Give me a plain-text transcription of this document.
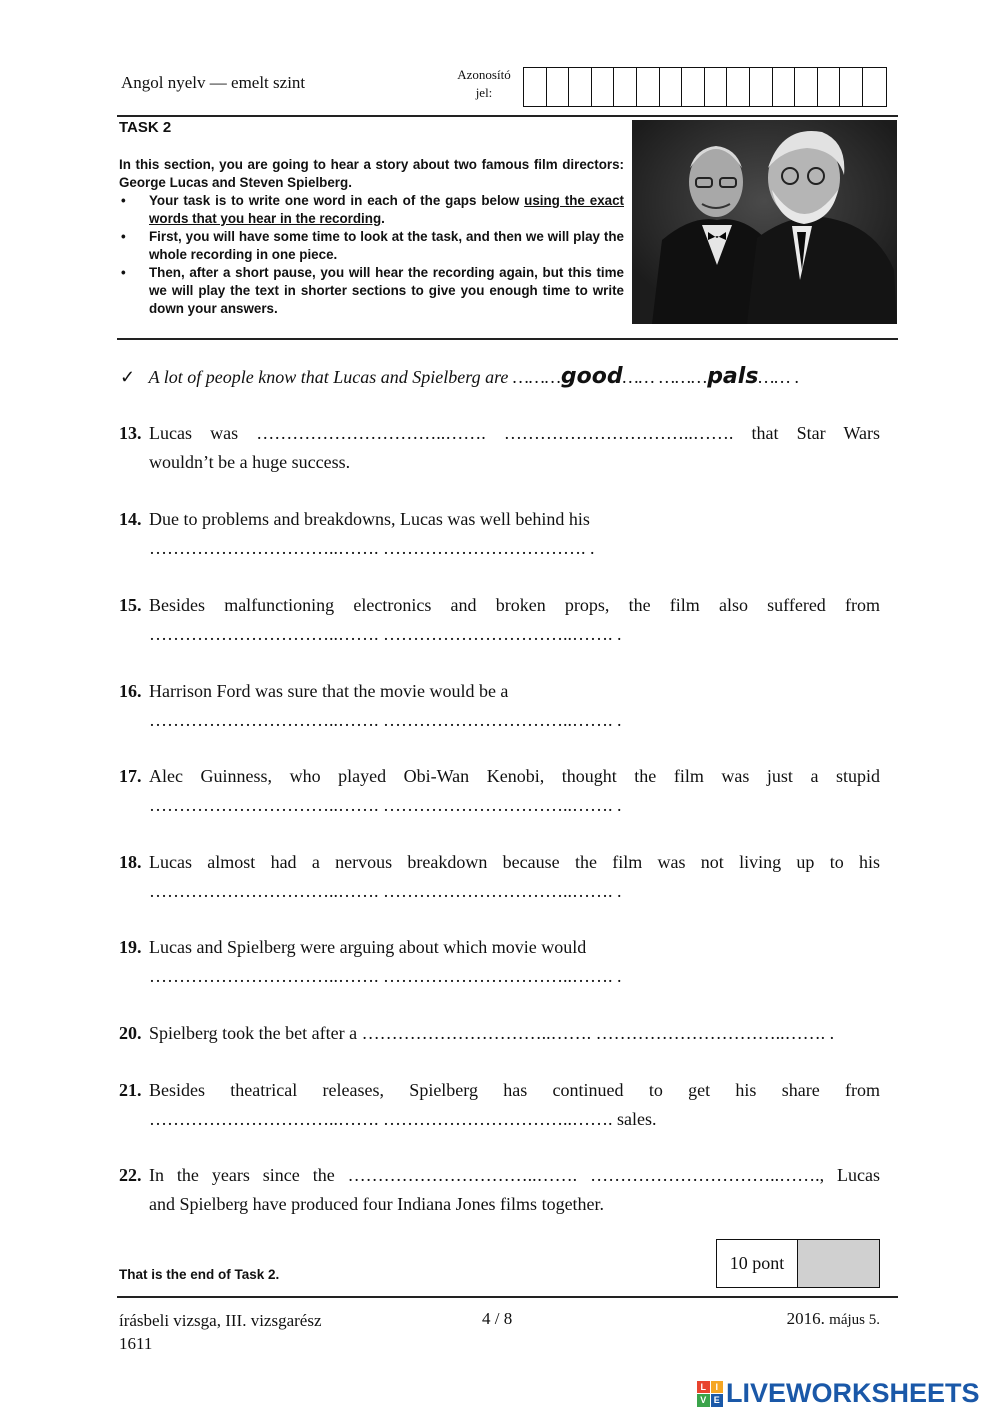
Angol nyelv — emelt szint	Azonosító
jel:
TASK 2
In this section, you are going to hear a story about two famous film directors: George Lucas and Steven Spielberg.
• Your task is to write one word in each of the gaps below using the exact words that you hear in the recording.
• First, you will have some time to look at the task, and then we will play the whole recording in one piece.
• Then, after a short pause, you will hear the recording again, but this time we will play the text in shorter sections to give you enough time to write down your answers.
✓ A lot of people know that Lucas and Spielberg are ………good…… ………pals…… .
13. Lucas was …………………………..……. …………………………..……. that Star Wars
wouldn’t be a huge success.
14. Due to problems and breakdowns, Lucas was well behind his
…………………………..……. ……………………………. .
15. Besides malfunctioning electronics and broken props, the film also suffered from
…………………………..……. …………………………..……. .
16. Harrison Ford was sure that the movie would be a
…………………………..……. …………………………..……. .
17. Alec Guinness, who played Obi-Wan Kenobi, thought the film was just a stupid
…………………………..……. …………………………..……. .
18. Lucas almost had a nervous breakdown because the film was not living up to his
…………………………..……. …………………………..……. .
19. Lucas and Spielberg were arguing about which movie would
…………………………..……. …………………………..……. .
20. Spielberg took the bet after a …………………………..……. …………………………..……. .
21. Besides theatrical releases, Spielberg has continued to get his share from
…………………………..……. …………………………..……. sales.
22. In the years since the …………………………..……. …………………………..……., Lucas
and Spielberg have produced four Indiana Jones films together.
That is the end of Task 2.
10 pont
írásbeli vizsga, III. vizsgarész
1611
4 / 8	2016. május 5.
L	I
V E LIVEWORKSHEETS
